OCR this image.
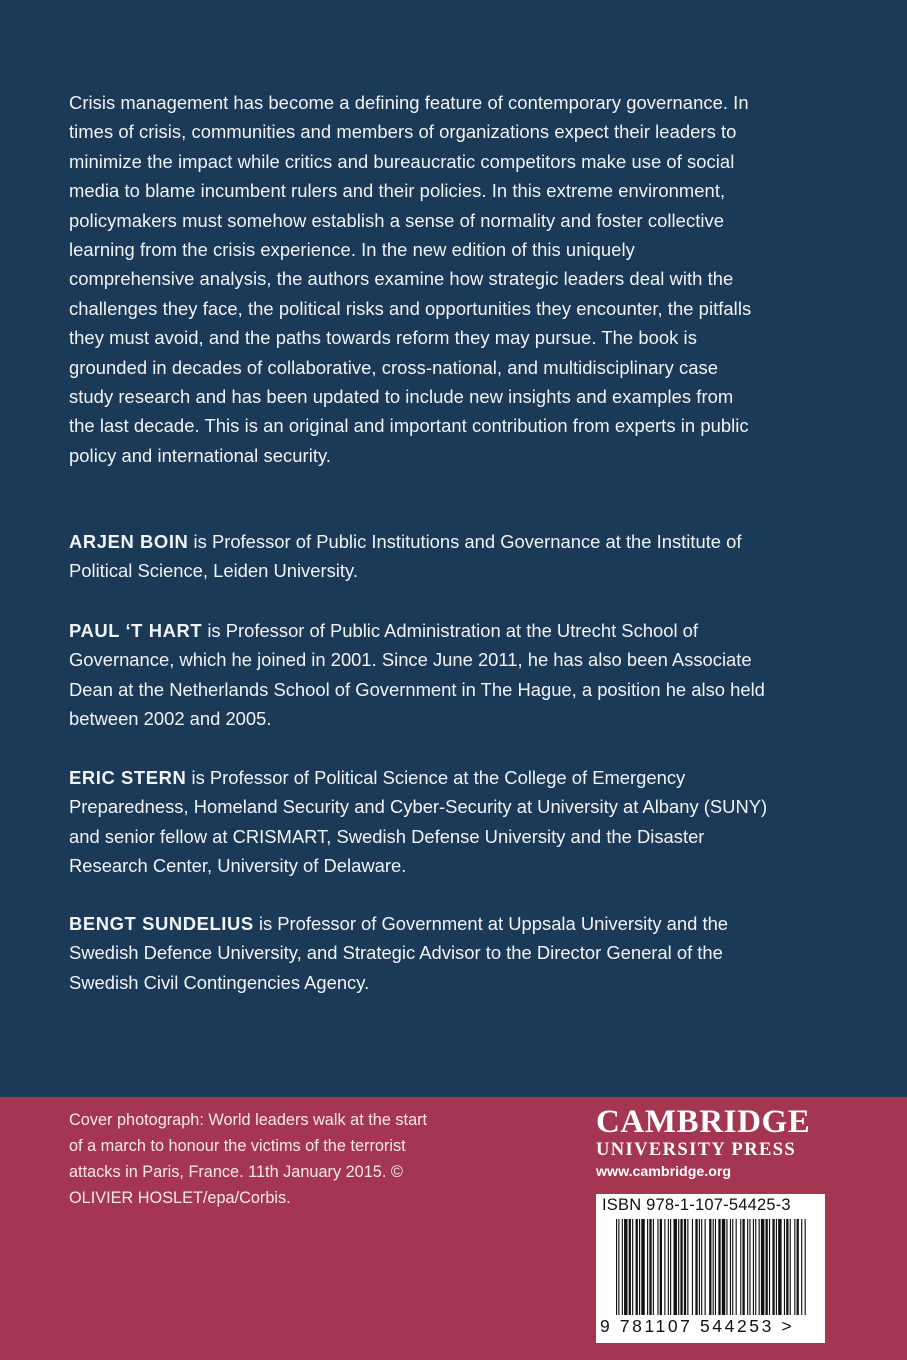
Crisis management has become a defining feature of contemporary governance. In times of crisis, communities and members of organizations expect their leaders to minimize the impact while critics and bureaucratic competitors make use of social media to blame incumbent rulers and their policies. In this extreme environment, policymakers must somehow establish a sense of normality and foster collective learning from the crisis experience. In the new edition of this uniquely comprehensive analysis, the authors examine how strategic leaders deal with the challenges they face, the political risks and opportunities they encounter, the pitfalls they must avoid, and the paths towards reform they may pursue. The book is grounded in decades of collaborative, cross-national, and multidisciplinary case study research and has been updated to include new insights and examples from the last decade. This is an original and important contribution from experts in public policy and international security.

ARJEN BOIN is Professor of Public Institutions and Governance at the Institute of Political Science, Leiden University.

PAUL ‘T HART is Professor of Public Administration at the Utrecht School of Governance, which he joined in 2001. Since June 2011, he has also been Associate Dean at the Netherlands School of Government in The Hague, a position he also held between 2002 and 2005.

ERIC STERN is Professor of Political Science at the College of Emergency Preparedness, Homeland Security and Cyber-Security at University at Albany (SUNY) and senior fellow at CRISMART, Swedish Defense University and the Disaster Research Center, University of Delaware.

BENGT SUNDELIUS is Professor of Government at Uppsala University and the Swedish Defence University, and Strategic Advisor to the Director General of the Swedish Civil Contingencies Agency.

Cover photograph: World leaders walk at the start of a march to honour the victims of the terrorist attacks in Paris, France. 11th January 2015. © OLIVIER HOSLET/epa/Corbis.

CAMBRIDGE
UNIVERSITY PRESS
www.cambridge.org
ISBN 978-1-107-54425-3
9 781107 544253 >
